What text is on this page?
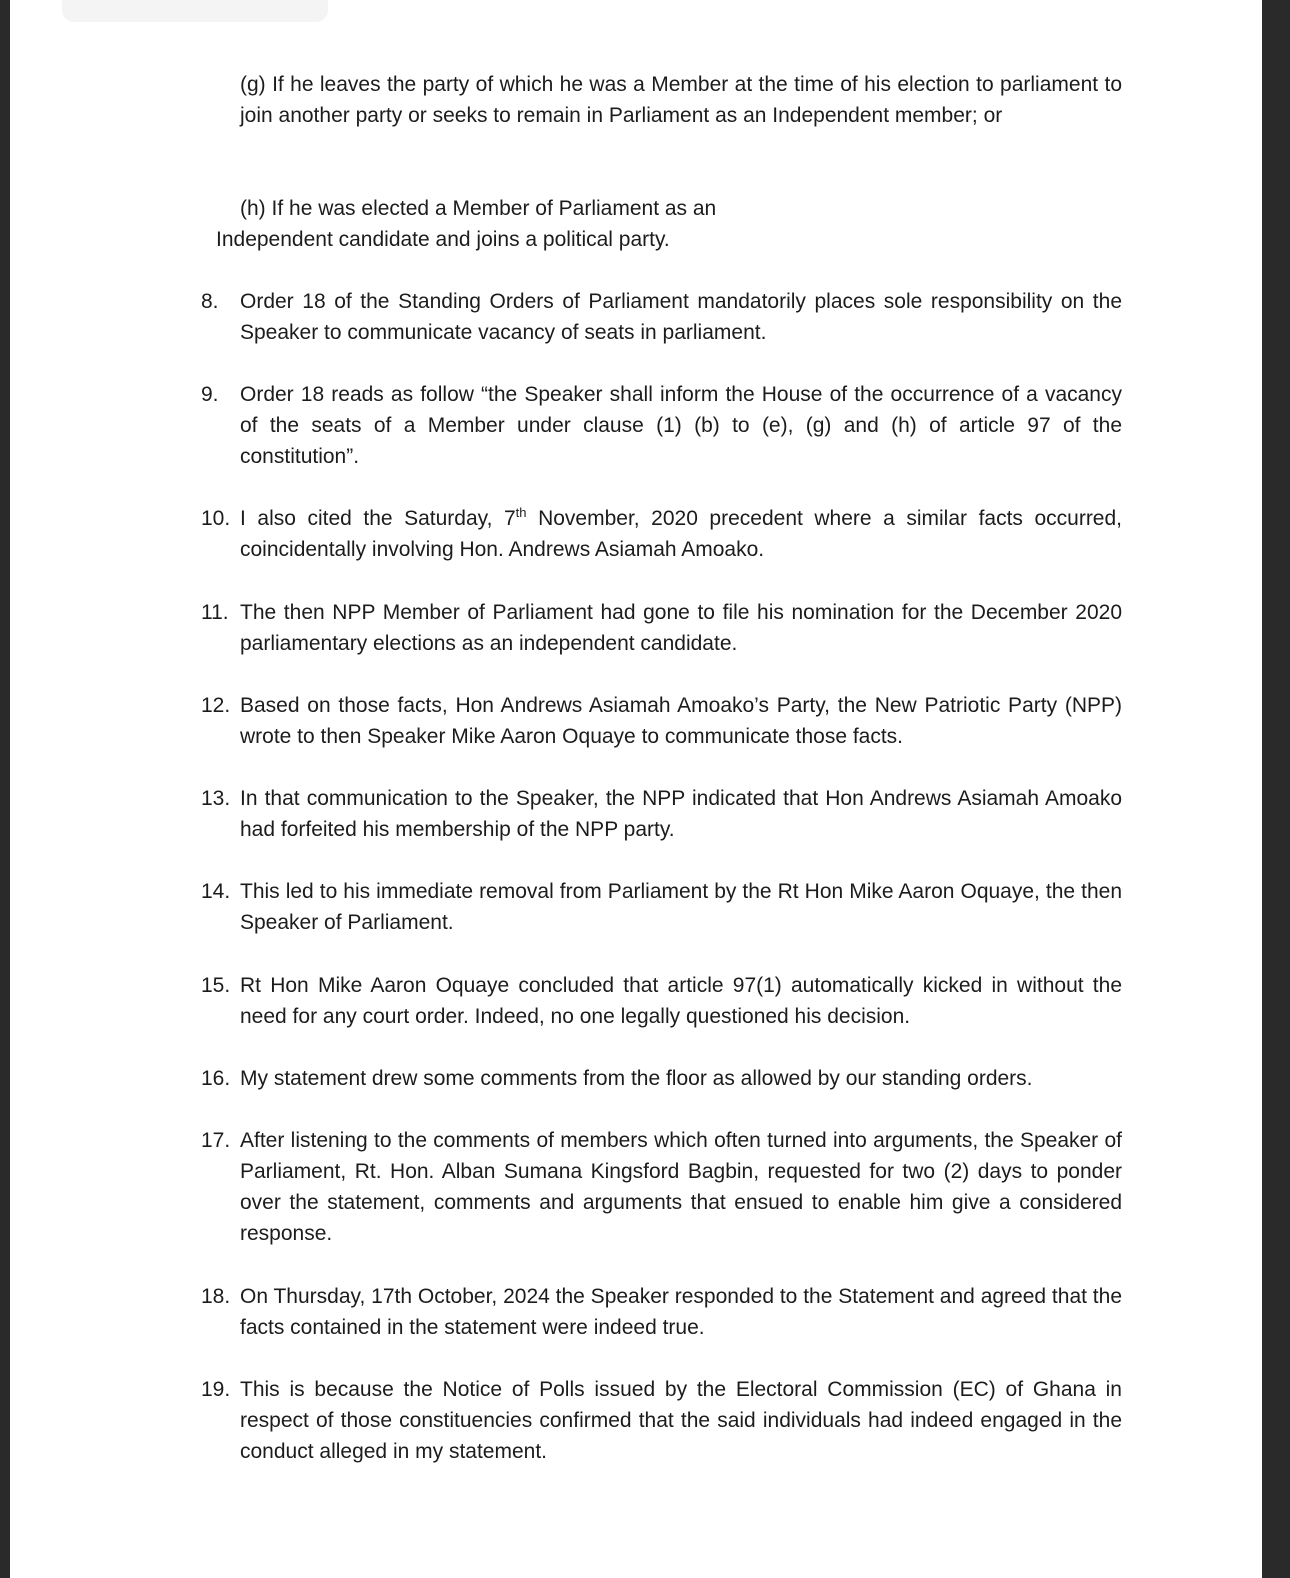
(g) If he leaves the party of which he was a Member at the time of his election to parliament to join another party or seeks to remain in Parliament as an Independent member; or

(h) If he was elected a Member of Parliament as an
Independent candidate and joins a political party.

8. Order 18 of the Standing Orders of Parliament mandatorily places sole responsibility on the Speaker to communicate vacancy of seats in parliament.
9. Order 18 reads as follow “the Speaker shall inform the House of the occurrence of a vacancy of the seats of a Member under clause (1) (b) to (e), (g) and (h) of article 97 of the constitution”.
10. I also cited the Saturday, 7th November, 2020 precedent where a similar facts occurred, coincidentally involving Hon. Andrews Asiamah Amoako.
11. The then NPP Member of Parliament had gone to file his nomination for the December 2020 parliamentary elections as an independent candidate.
12. Based on those facts, Hon Andrews Asiamah Amoako’s Party, the New Patriotic Party (NPP) wrote to then Speaker Mike Aaron Oquaye to communicate those facts.
13. In that communication to the Speaker, the NPP indicated that Hon Andrews Asiamah Amoako had forfeited his membership of the NPP party.
14. This led to his immediate removal from Parliament by the Rt Hon Mike Aaron Oquaye, the then Speaker of Parliament.
15. Rt Hon Mike Aaron Oquaye concluded that article 97(1) automatically kicked in without the need for any court order. Indeed, no one legally questioned his decision.
16. My statement drew some comments from the floor as allowed by our standing orders.
17. After listening to the comments of members which often turned into arguments, the Speaker of Parliament, Rt. Hon. Alban Sumana Kingsford Bagbin, requested for two (2) days to ponder over the statement, comments and arguments that ensued to enable him give a considered response.
18. On Thursday, 17th October, 2024 the Speaker responded to the Statement and agreed that the facts contained in the statement were indeed true.
19. This is because the Notice of Polls issued by the Electoral Commission (EC) of Ghana in respect of those constituencies confirmed that the said individuals had indeed engaged in the conduct alleged in my statement.
